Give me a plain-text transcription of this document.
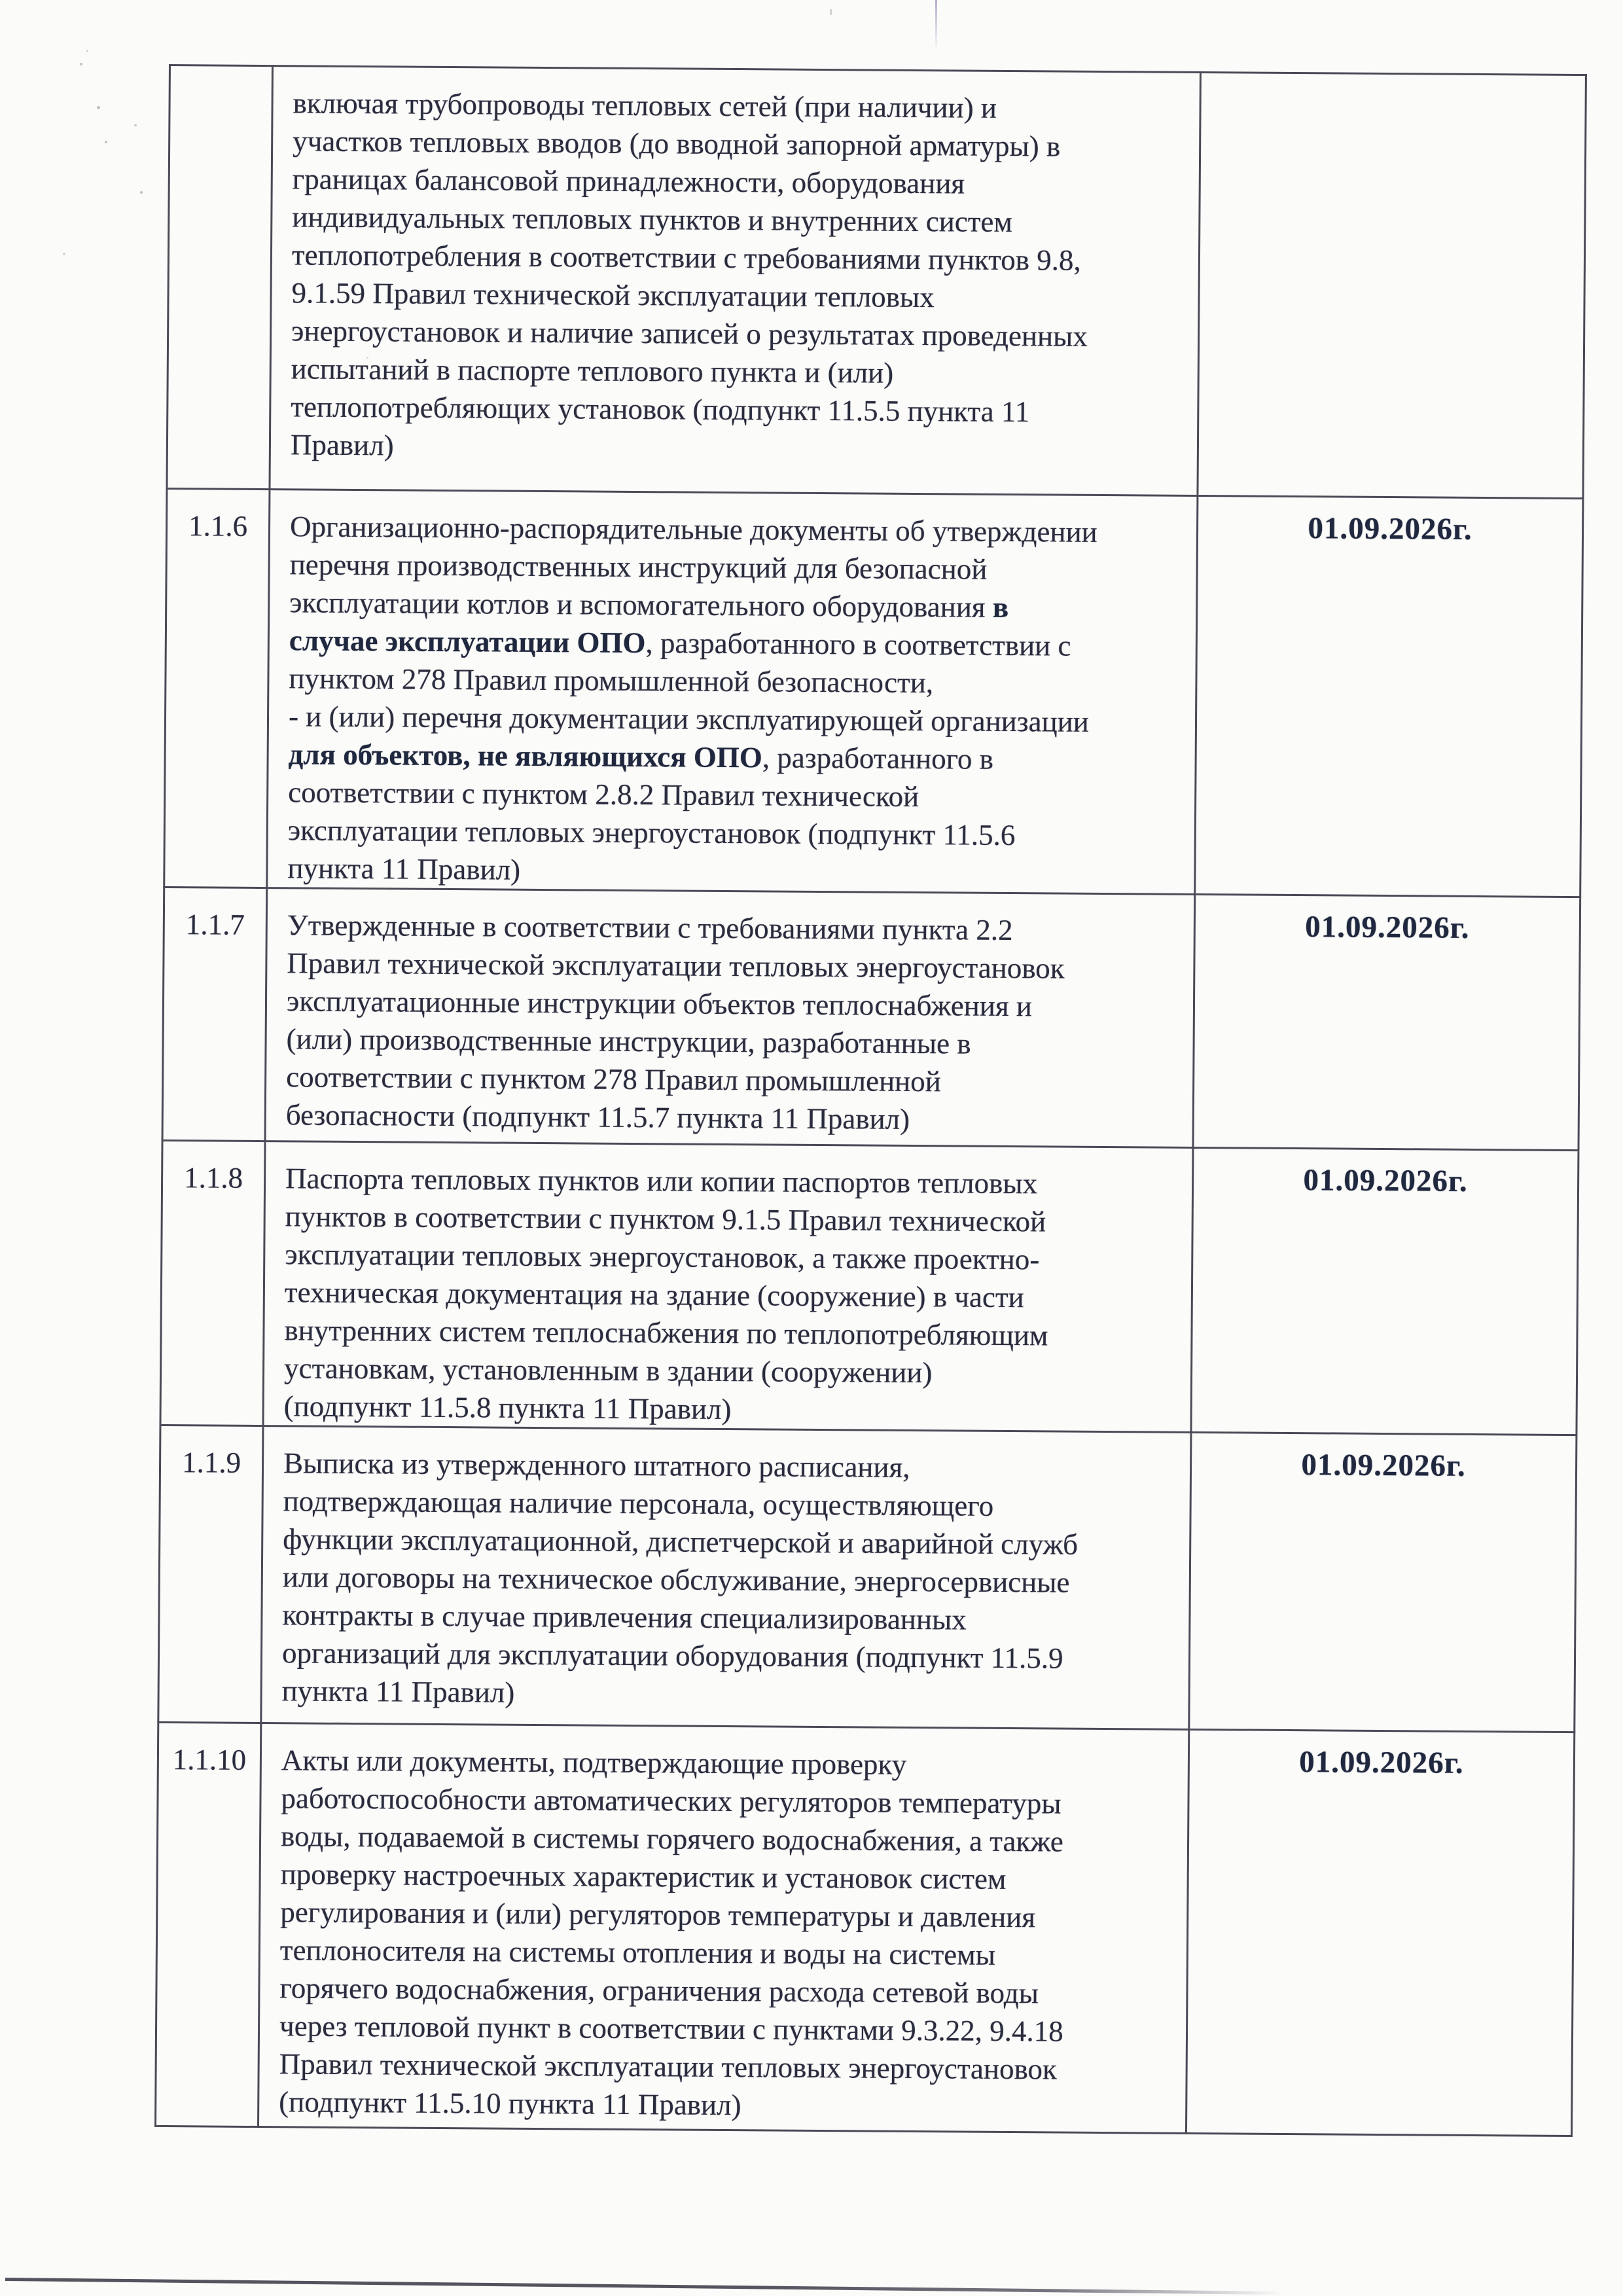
	включая трубопроводы тепловых сетей (при наличии) и
участков тепловых вводов (до вводной запорной арматуры) в
границах балансовой принадлежности, оборудования
индивидуальных тепловых пунктов и внутренних систем
теплопотребления в соответствии с требованиями пунктов 9.8,
9.1.59 Правил технической эксплуатации тепловых
энергоустановок и наличие записей о результатах проведенных
испытаний в паспорте теплового пункта и (или)
теплопотребляющих установок (подпункт 11.5.5 пункта 11
Правил)	
1.1.6	Организационно-распорядительные документы об утверждении
перечня производственных инструкций для безопасной
эксплуатации котлов и вспомогательного оборудования в
случае эксплуатации ОПО, разработанного в соответствии с
пунктом 278 Правил промышленной безопасности,
- и (или) перечня документации эксплуатирующей организации
для объектов, не являющихся ОПО, разработанного в
соответствии с пунктом 2.8.2 Правил технической
эксплуатации тепловых энергоустановок (подпункт 11.5.6
пункта 11 Правил)	01.09.2026г.
1.1.7	Утвержденные в соответствии с требованиями пункта 2.2
Правил технической эксплуатации тепловых энергоустановок
эксплуатационные инструкции объектов теплоснабжения и
(или) производственные инструкции, разработанные в
соответствии с пунктом 278 Правил промышленной
безопасности (подпункт 11.5.7 пункта 11 Правил)	01.09.2026г.
1.1.8	Паспорта тепловых пунктов или копии паспортов тепловых
пунктов в соответствии с пунктом 9.1.5 Правил технической
эксплуатации тепловых энергоустановок, а также проектно-
техническая документация на здание (сооружение) в части
внутренних систем теплоснабжения по теплопотребляющим
установкам, установленным в здании (сооружении)
(подпункт 11.5.8 пункта 11 Правил)	01.09.2026г.
1.1.9	Выписка из утвержденного штатного расписания,
подтверждающая наличие персонала, осуществляющего
функции эксплуатационной, диспетчерской и аварийной служб
или договоры на техническое обслуживание, энергосервисные
контракты в случае привлечения специализированных
организаций для эксплуатации оборудования (подпункт 11.5.9
пункта 11 Правил)	01.09.2026г.
1.1.10	Акты или документы, подтверждающие проверку
работоспособности автоматических регуляторов температуры
воды, подаваемой в системы горячего водоснабжения, а также
проверку настроечных характеристик и установок систем
регулирования и (или) регуляторов температуры и давления
теплоносителя на системы отопления и воды на системы
горячего водоснабжения, ограничения расхода сетевой воды
через тепловой пункт в соответствии с пунктами 9.3.22, 9.4.18
Правил технической эксплуатации тепловых энергоустановок
(подпункт 11.5.10 пункта 11 Правил)	01.09.2026г.
